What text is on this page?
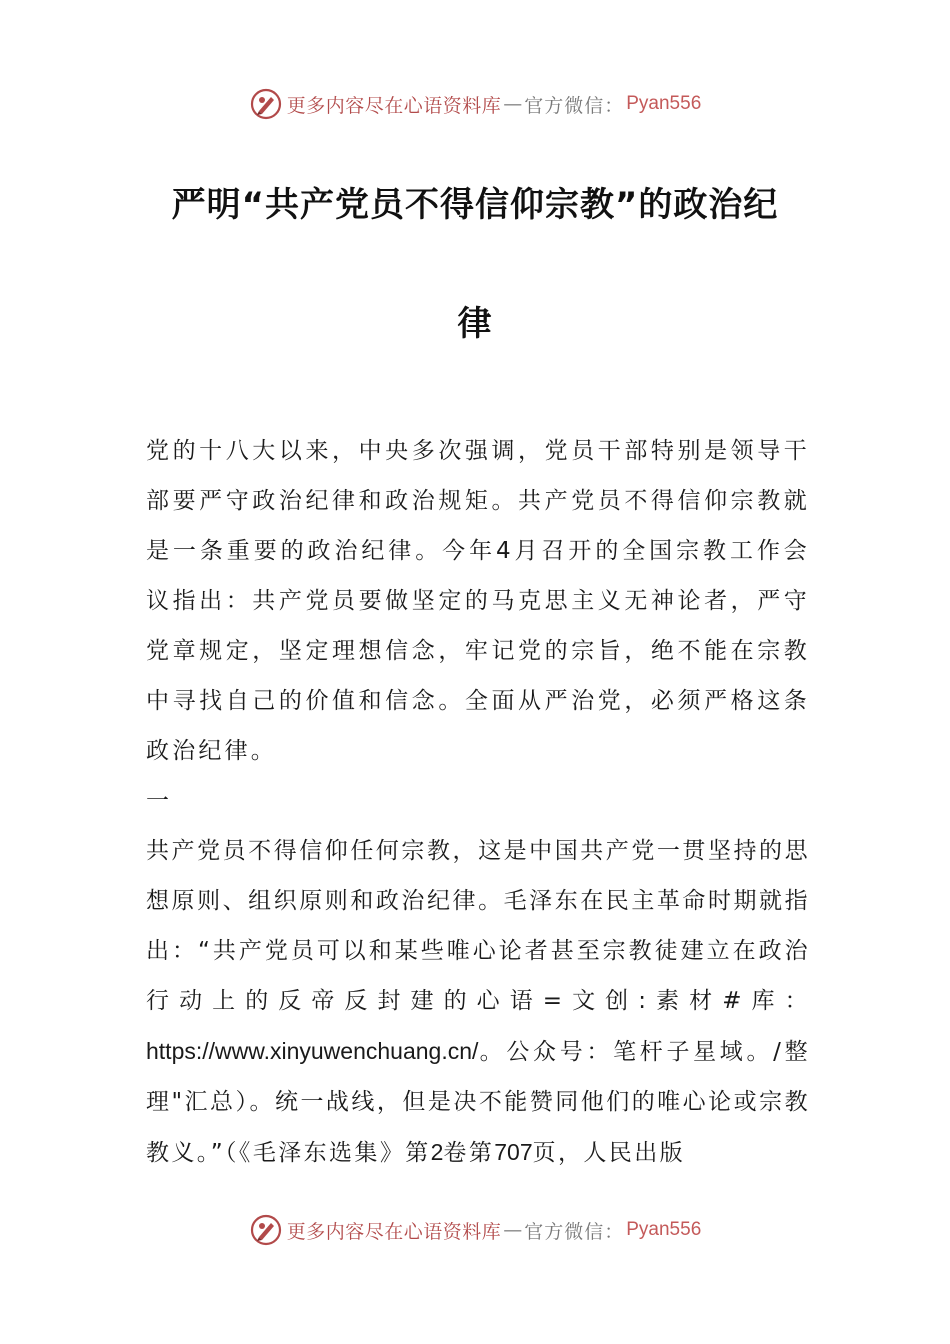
更多内容尽在心语资料库 — 官方微信： Pyan556
严明“共产党员不得信仰宗教”的政治纪
律

党的十八大以来，中央多次强调，党员干部特别是领导干部要严守政治纪律和政治规矩。共产党员不得信仰宗教就是一条重要的政治纪律。今年4月召开的全国宗教工作会议指出：共产党员要做坚定的马克思主义无神论者，严守党章规定，坚定理想信念，牢记党的宗旨，绝不能在宗教中寻找自己的价值和信念。全面从严治党，必须严格这条政治纪律。

一

共产党员不得信仰任何宗教，这是中国共产党一贯坚持的思想原则、组织原则和政治纪律。毛泽东在民主革命时期就指出：“共产党员可以和某些唯心论者甚至宗教徒建立在政治行动上的反帝反封建的心语=文创:素材#库：https://www.xinyuwenchuang.cn/。公众号：笔杆子星域。/整理"汇总）。统一战线，但是决不能赞同他们的唯心论或宗教教义。”（《毛泽东选集》第2卷第707页，人民出版

更多内容尽在心语资料库 — 官方微信： Pyan556
